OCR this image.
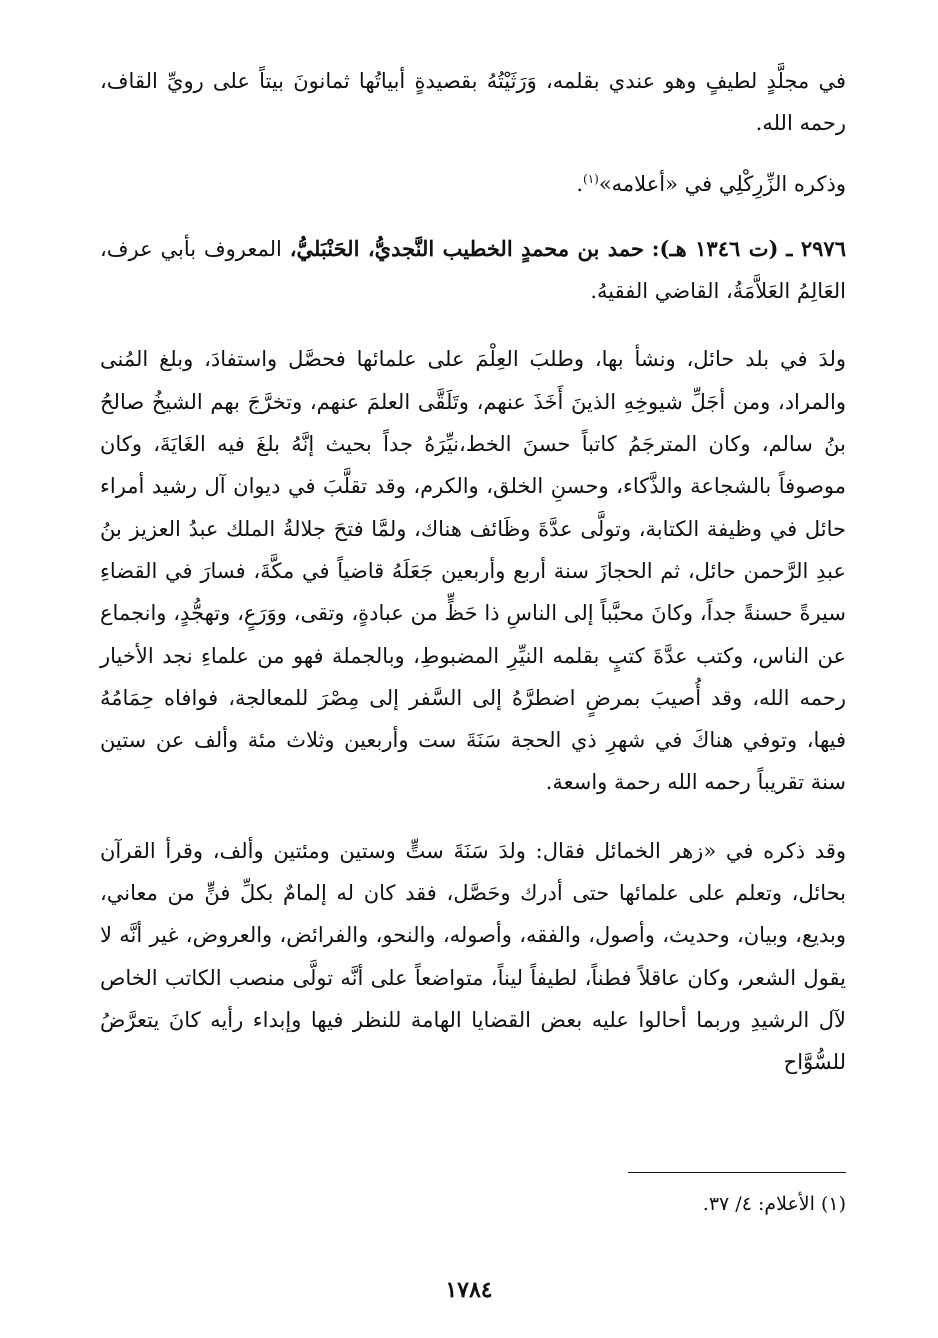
في مجلَّدٍ لطيفٍ وهو عندي بقلمه، وَرَثَيْتُهُ بقصيدةٍ أبياتُها ثمانونَ بيتاً على رويِّ القاف، رحمه الله.

وذكره الزِّرِكْلِي في «أعلامه»$^{(١)}$.

٢٩٧٦ ـ (ت ١٣٤٦ هـ): حمد بن محمدٍ الخطيب النَّجديُّ، الحَنْبَليُّ، المعروف بأبي عرف، العَالِمُ العَلاَّمَةُ، القاضي الفقيهُ.

ولدَ في بلد حائل، ونشأ بها، وطلبَ العِلْمَ على علمائها فحصَّل واستفادَ، وبلغ المُنى والمراد، ومن أجَلِّ شيوخِهِ الذينَ أَخَذَ عنهم، وتَلَقَّى العلمَ عنهم، وتخرَّجَ بهم الشيخُ صالحُ بنُ سالم، وكان المترجَمُ كاتباً حسنَ الخط،نيِّرَهُ جداً بحيث إنَّهُ بلغَ فيه الغَايَةَ، وكان موصوفاً بالشجاعة والذَّكاء، وحسنِ الخلق، والكرم، وقد تقلَّبَ في ديوان آل رشيد أمراء حائل في وظيفة الكتابة، وتولَّى عدَّةَ وظَائف هناك، ولمَّا فتحَ جلالةُ الملك عبدُ العزيز بنُ عبدِ الرَّحمن حائل، ثم الحجازَ سنة أربع وأربعين جَعَلَهُ قاضياً في مكَّةَ، فسارَ في القضاءِ سيرةً حسنةً جداً، وكانَ محبَّباً إلى الناسِ ذا حَظٍّ من عبادةٍ، وتقى، ووَرَعٍ، وتهجُّدٍ، وانجماع عن الناس، وكتب عدَّةَ كتبٍ بقلمه النيِّرِ المضبوطِ، وبالجملة فهو من علماءِ نجد الأخيار رحمه الله، وقد أُصيبَ بمرضٍ اضطرَّهُ إلى السَّفر إلى مِصْرَ للمعالجة، فوافاه حِمَامُهُ فيها، وتوفي هناكَ في شهرِ ذي الحجة سَنَةَ ست وأربعين وثلاث مئة وألف عن ستين سنة تقريباً رحمه الله رحمة واسعة.

وقد ذكره في «زهر الخمائل فقال: ولدَ سَنَةَ ستٍّ وستين ومئتين وألف، وقرأ القرآن بحائل، وتعلم على علمائها حتى أدرك وحَصَّل، فقد كان له إلمامٌ بكلِّ فنٍّ من معاني، وبديع، وبيان، وحديث، وأصول، والفقه، وأصوله، والنحو، والفرائض، والعروض، غير أنَّه لا يقول الشعر، وكان عاقلاً فطناً، لطيفاً ليناً، متواضعاً على أنَّه تولَّى منصب الكاتب الخاص لآل الرشيدِ وربما أحالوا عليه بعض القضايا الهامة للنظر فيها وإبداء رأيه كانَ يتعرَّضُ للسُّوَّاح

(١) الأعلام: ٤/ ٣٧.

١٧٨٤
